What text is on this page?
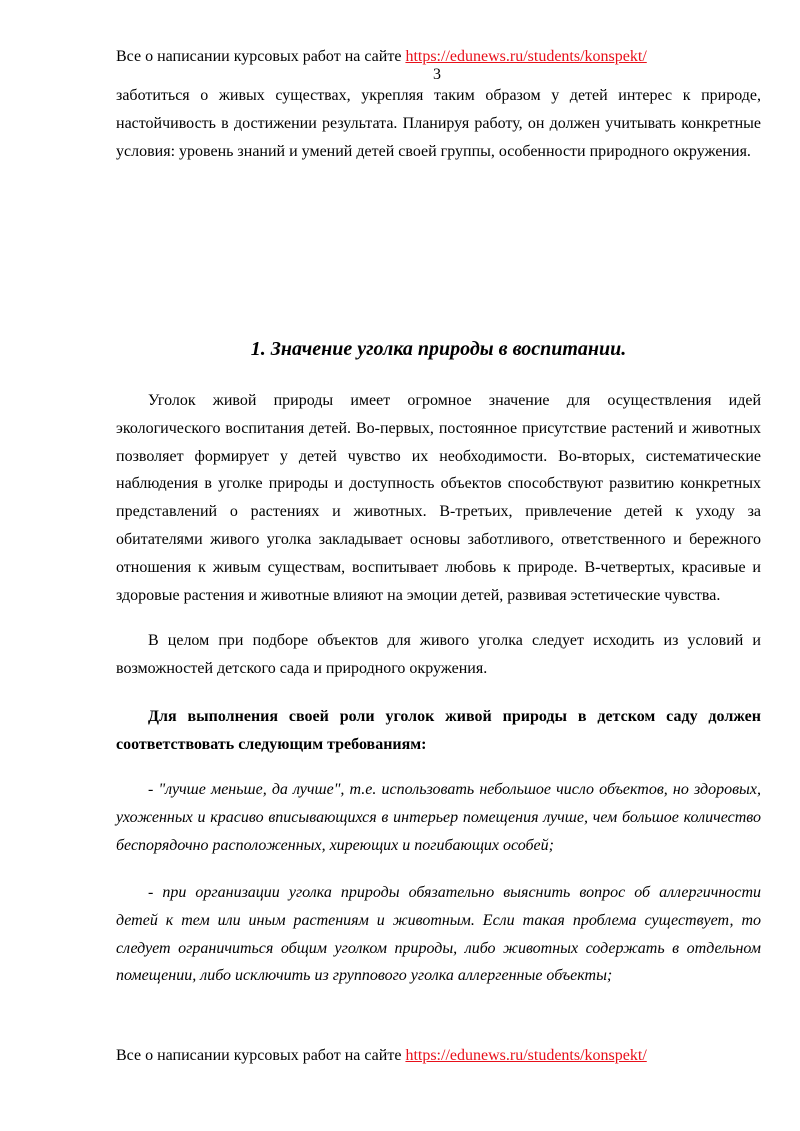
Все о написании курсовых работ на сайте https://edunews.ru/students/konspekt/
3
заботиться о живых существах, укрепляя таким образом у детей интерес к природе, настойчивость в достижении результата. Планируя работу, он должен учитывать конкретные условия: уровень знаний и умений детей своей группы, особенности природного окружения.
1. Значение уголка природы в воспитании.
Уголок живой природы имеет огромное значение для осуществления идей экологического воспитания детей. Во-первых, постоянное присутствие растений и животных позволяет формирует у детей чувство их необходимости. Во-вторых, систематические наблюдения в уголке природы и доступность объектов способствуют развитию конкретных представлений о растениях и животных. В-третьих, привлечение детей к уходу за обитателями живого уголка закладывает основы заботливого, ответственного и бережного отношения к живым существам, воспитывает любовь к природе. В-четвертых, красивые и здоровые растения и животные влияют на эмоции детей, развивая эстетические чувства.
В целом при подборе объектов для живого уголка следует исходить из условий и возможностей детского сада и природного окружения.
Для выполнения своей роли уголок живой природы в детском саду должен соответствовать следующим требованиям:
- "лучше меньше, да лучше", т.е. использовать небольшое число объектов, но здоровых, ухоженных и красиво вписывающихся в интерьер помещения лучше, чем большое количество беспорядочно расположенных, хиреющих и погибающих особей;
- при организации уголка природы обязательно выяснить вопрос об аллергичности детей к тем или иным растениям и животным. Если такая проблема существует, то следует ограничиться общим уголком природы, либо животных содержать в отдельном помещении, либо исключить из группового уголка аллергенные объекты;
Все о написании курсовых работ на сайте https://edunews.ru/students/konspekt/
